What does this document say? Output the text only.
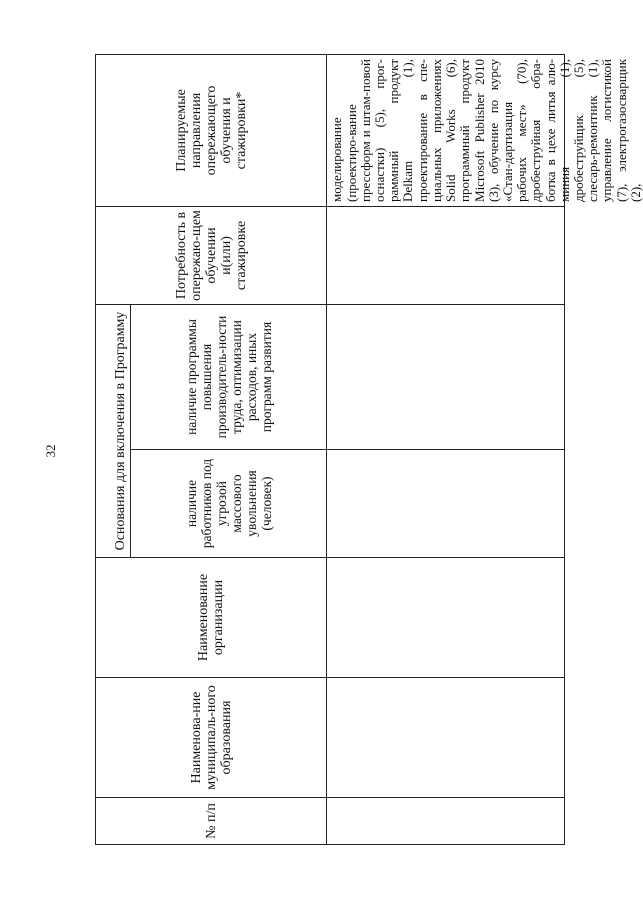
32
№ п/п	Наименова-ние муниципаль-ного образования	Наименование организации	Основания для включения в Программу		Потребность в опережаю-щем обучении и(или) стажировке	Планируемые направления опережающего обучения и стажировки*
			наличие работников под угрозой массового увольнения (человек)	наличие программы повышения производитель-ности труда, оптимизации расходов, иных программ развития		

						моделирование (проектиро-вание прессформ и штам-повой оснастки) (5), прог-раммный продукт Delkam (1), проектирование в спе-циальных приложениях Solid Works (6), программный продукт Microsoft Publisher 2010 (3), обучение по курсу «Стан-дартизация рабочих мест» (70), дробеструйная обра-ботка в цехе литья алю-миния (1), дробеструйщик (5), слесарь-ремонтник (1), управление логистикой (7), электрогазосварщик (2),
